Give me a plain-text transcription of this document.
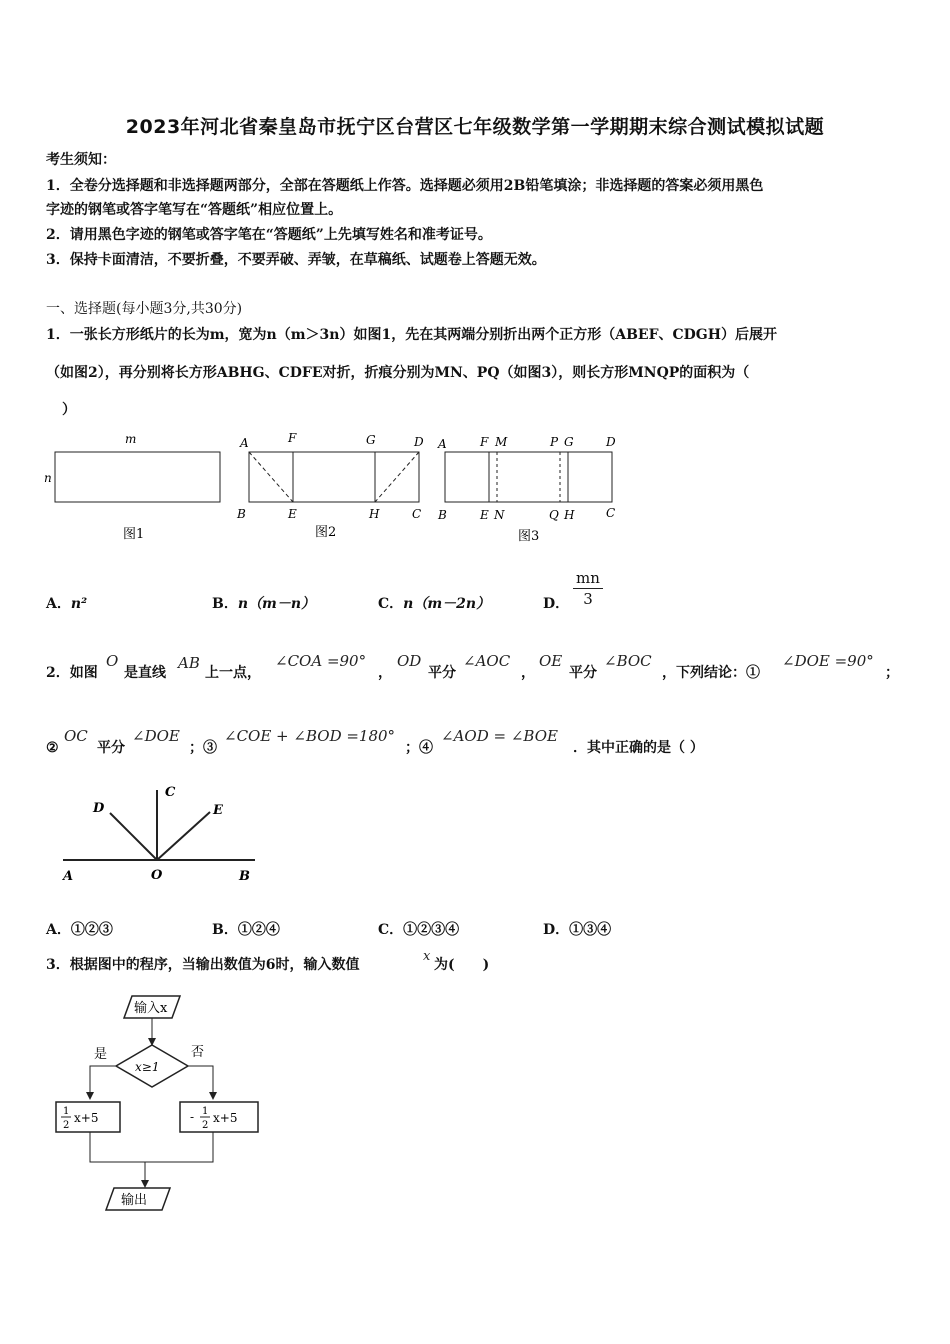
2023年河北省秦皇岛市抚宁区台营区七年级数学第一学期期末综合测试模拟试题
考生须知：
1．全卷分选择题和非选择题两部分，全部在答题纸上作答。选择题必须用2B铅笔填涂；非选择题的答案必须用黑色
字迹的钢笔或答字笔写在“答题纸”相应位置上。
2．请用黑色字迹的钢笔或答字笔在“答题纸”上先填写姓名和准考证号。
3．保持卡面清洁，不要折叠，不要弄破、弄皱，在草稿纸、试题卷上答题无效。
一、选择题(每小题3分,共30分)
1．一张长方形纸片的长为m，宽为n（m＞3n）如图1，先在其两端分别折出两个正方形（ABEF、CDGH）后展开
（如图2），再分别将长方形ABHG、CDFE对折，折痕分别为MN、PQ（如图3），则长方形MNQP的面积为（
）
m
n
图1
A	F	G	D
B	E	H	C
图2
A	F M	P G	D
B	E N	Q H	C
图3
A．n²	B．n（m－n）	C．n（m－2n）	D． $\frac{mn}{3}$
2．如图
O
是直线
AB
上一点，
∠COA =90°
，
OD
平分
∠AOC
，
OE
平分
∠BOC
，下列结论：①
∠DOE =90°
；
②
OC
平分
∠DOE
；③
∠COE + ∠BOD =180°
；④
∠AOD = ∠BOE
．其中正确的是（ ）
C
D	E
A	O	B
A．①②③	B．①②④	C．①②③④	D．①③④
3．根据图中的程序，当输出数值为6时，输入数值
x
为(　　)
输入x
x≥1
是	否
1
2
x+5	- 1
2
x+5
输出
